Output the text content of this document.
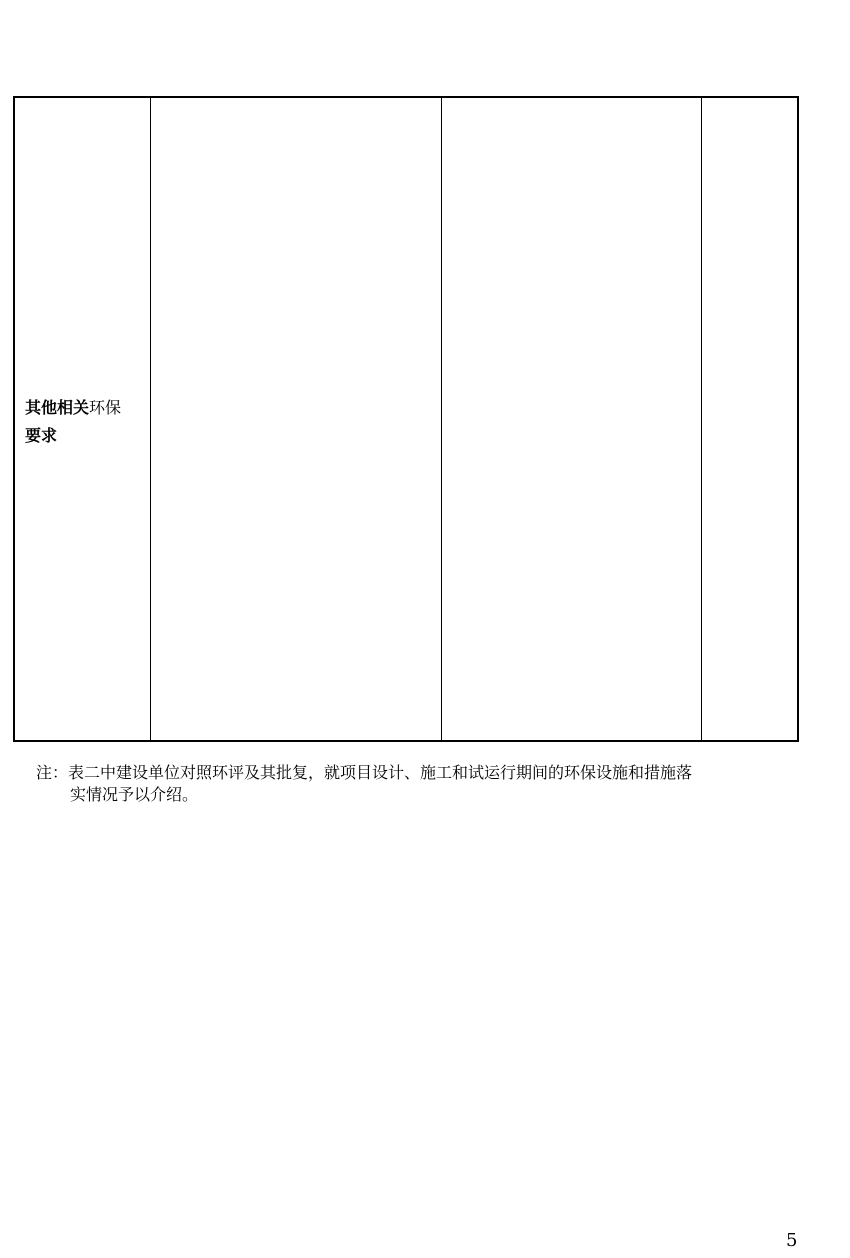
其他相关环保
要求
注：表二中建设单位对照环评及其批复，就项目设计、施工和试运行期间的环保设施和措施落
实情况予以介绍。
5
